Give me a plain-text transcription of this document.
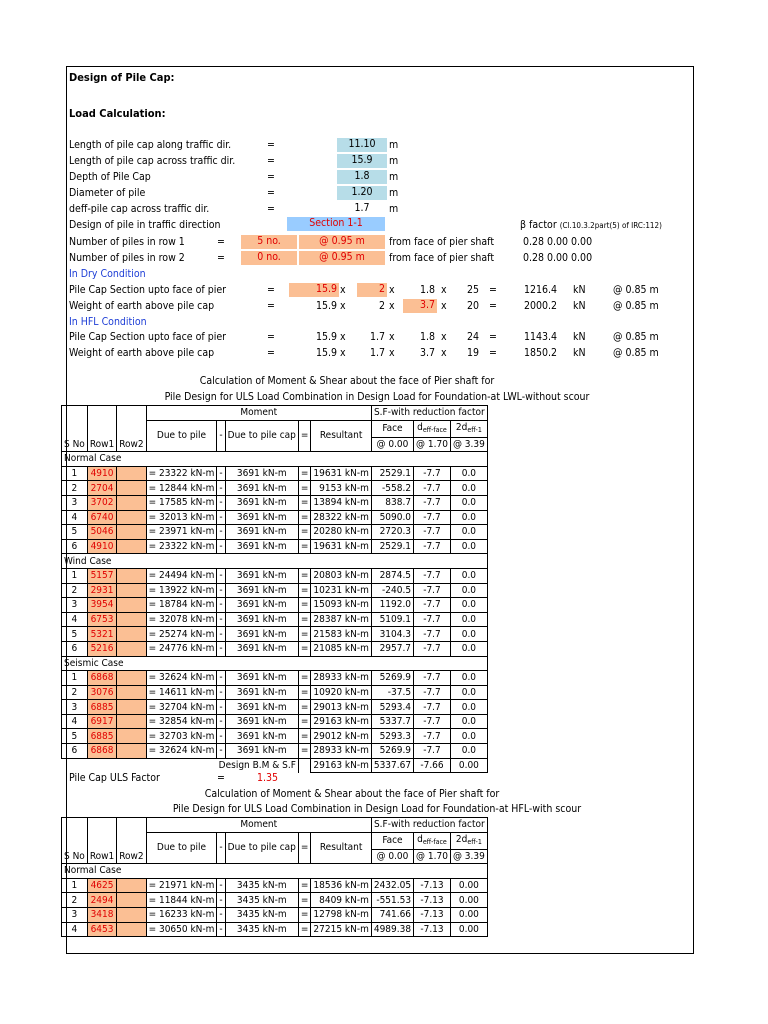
Design of Pile Cap:
Load Calculation:
Length of pile cap along traffic dir.	=	11.10	m
Length of pile cap across traffic dir.	=	15.9	m
Depth of Pile Cap	=	1.8	m
Diameter of pile	=	1.20	m
deff-pile cap across traffic dir.	=	1.7	m
Design of pile in traffic direction	Section 1-1	β factor (Cl.10.3.2part(5) of IRC:112)
Number of piles in row 1	=	5 no.	@ 0.95 m	from face of pier shaft	0.28 0.00 0.00
Number of piles in row 2	=	0 no.	@ 0.95 m	from face of pier shaft	0.28 0.00 0.00
In Dry Condition
Pile Cap Section upto face of pier	=	15.9 x	2 x	1.8 x	25 =	1216.4 kN	@ 0.85 m
Weight of earth above pile cap	=	15.9 x	2 x	3.7 x	20 =	2000.2 kN	@ 0.85 m
In HFL Condition
Pile Cap Section upto face of pier	=	15.9 x	1.7 x	1.8 x	24 =	1143.4 kN	@ 0.85 m
Weight of earth above pile cap	=	15.9 x	1.7 x	3.7 x	19 =	1850.2 kN	@ 0.85 m
Calculation of Moment & Shear about the face of Pier shaft for
Pile Design for ULS Load Combination in Design Load for Foundation-at LWL-without scour
S No	Row1	Row2	Moment					S.F-with reduction factor		
			Due to pile	-	Due to pile cap	=	Resultant	Face	$d_{eff-face}$	$2d_{eff-1}$
								@ 0.00	@ 1.70	@ 3.39
Normal Case										
1	4910		= 23322 kN-m	-	3691 kN-m	=	19631 kN-m	2529.1	-7.7	0.0
2	2704		= 12844 kN-m	-	3691 kN-m	=	9153 kN-m	-558.2	-7.7	0.0
3	3702		= 17585 kN-m	-	3691 kN-m	=	13894 kN-m	838.7	-7.7	0.0
4	6740		= 32013 kN-m	-	3691 kN-m	=	28322 kN-m	5090.0	-7.7	0.0
5	5046		= 23971 kN-m	-	3691 kN-m	=	20280 kN-m	2720.3	-7.7	0.0
6	4910		= 23322 kN-m	-	3691 kN-m	=	19631 kN-m	2529.1	-7.7	0.0
Wind Case										
1	5157		= 24494 kN-m	-	3691 kN-m	=	20803 kN-m	2874.5	-7.7	0.0
2	2931		= 13922 kN-m	-	3691 kN-m	=	10231 kN-m	-240.5	-7.7	0.0
3	3954		= 18784 kN-m	-	3691 kN-m	=	15093 kN-m	1192.0	-7.7	0.0
4	6753		= 32078 kN-m	-	3691 kN-m	=	28387 kN-m	5109.1	-7.7	0.0
5	5321		= 25274 kN-m	-	3691 kN-m	=	21583 kN-m	3104.3	-7.7	0.0
6	5216		= 24776 kN-m	-	3691 kN-m	=	21085 kN-m	2957.7	-7.7	0.0
Seismic Case										
1	6868		= 32624 kN-m	-	3691 kN-m	=	28933 kN-m	5269.9	-7.7	0.0
2	3076		= 14611 kN-m	-	3691 kN-m	=	10920 kN-m	-37.5	-7.7	0.0
3	6885		= 32704 kN-m	-	3691 kN-m	=	29013 kN-m	5293.4	-7.7	0.0
4	6917		= 32854 kN-m	-	3691 kN-m	=	29163 kN-m	5337.7	-7.7	0.0
5	6885		= 32703 kN-m	-	3691 kN-m	=	29012 kN-m	5293.3	-7.7	0.0
6	6868		= 32624 kN-m	-	3691 kN-m	=	28933 kN-m	5269.9	-7.7	0.0
Design B.M & S.F							29163 kN-m	5337.67	-7.66	0.00
Pile Cap ULS Factor	=	1.35
Calculation of Moment & Shear about the face of Pier shaft for
Pile Design for ULS Load Combination in Design Load for Foundation-at HFL-with scour
S No	Row1	Row2	Moment					S.F-with reduction factor		
			Due to pile	-	Due to pile cap	=	Resultant	Face	$d_{eff-face}$	$2d_{eff-1}$
								@ 0.00	@ 1.70	@ 3.39
Normal Case										
1	4625		= 21971 kN-m	-	3435 kN-m	=	18536 kN-m	2432.05	-7.13	0.00
2	2494		= 11844 kN-m	-	3435 kN-m	=	8409 kN-m	-551.53	-7.13	0.00
3	3418		= 16233 kN-m	-	3435 kN-m	=	12798 kN-m	741.66	-7.13	0.00
4	6453		= 30650 kN-m	-	3435 kN-m	=	27215 kN-m	4989.38	-7.13	0.00
